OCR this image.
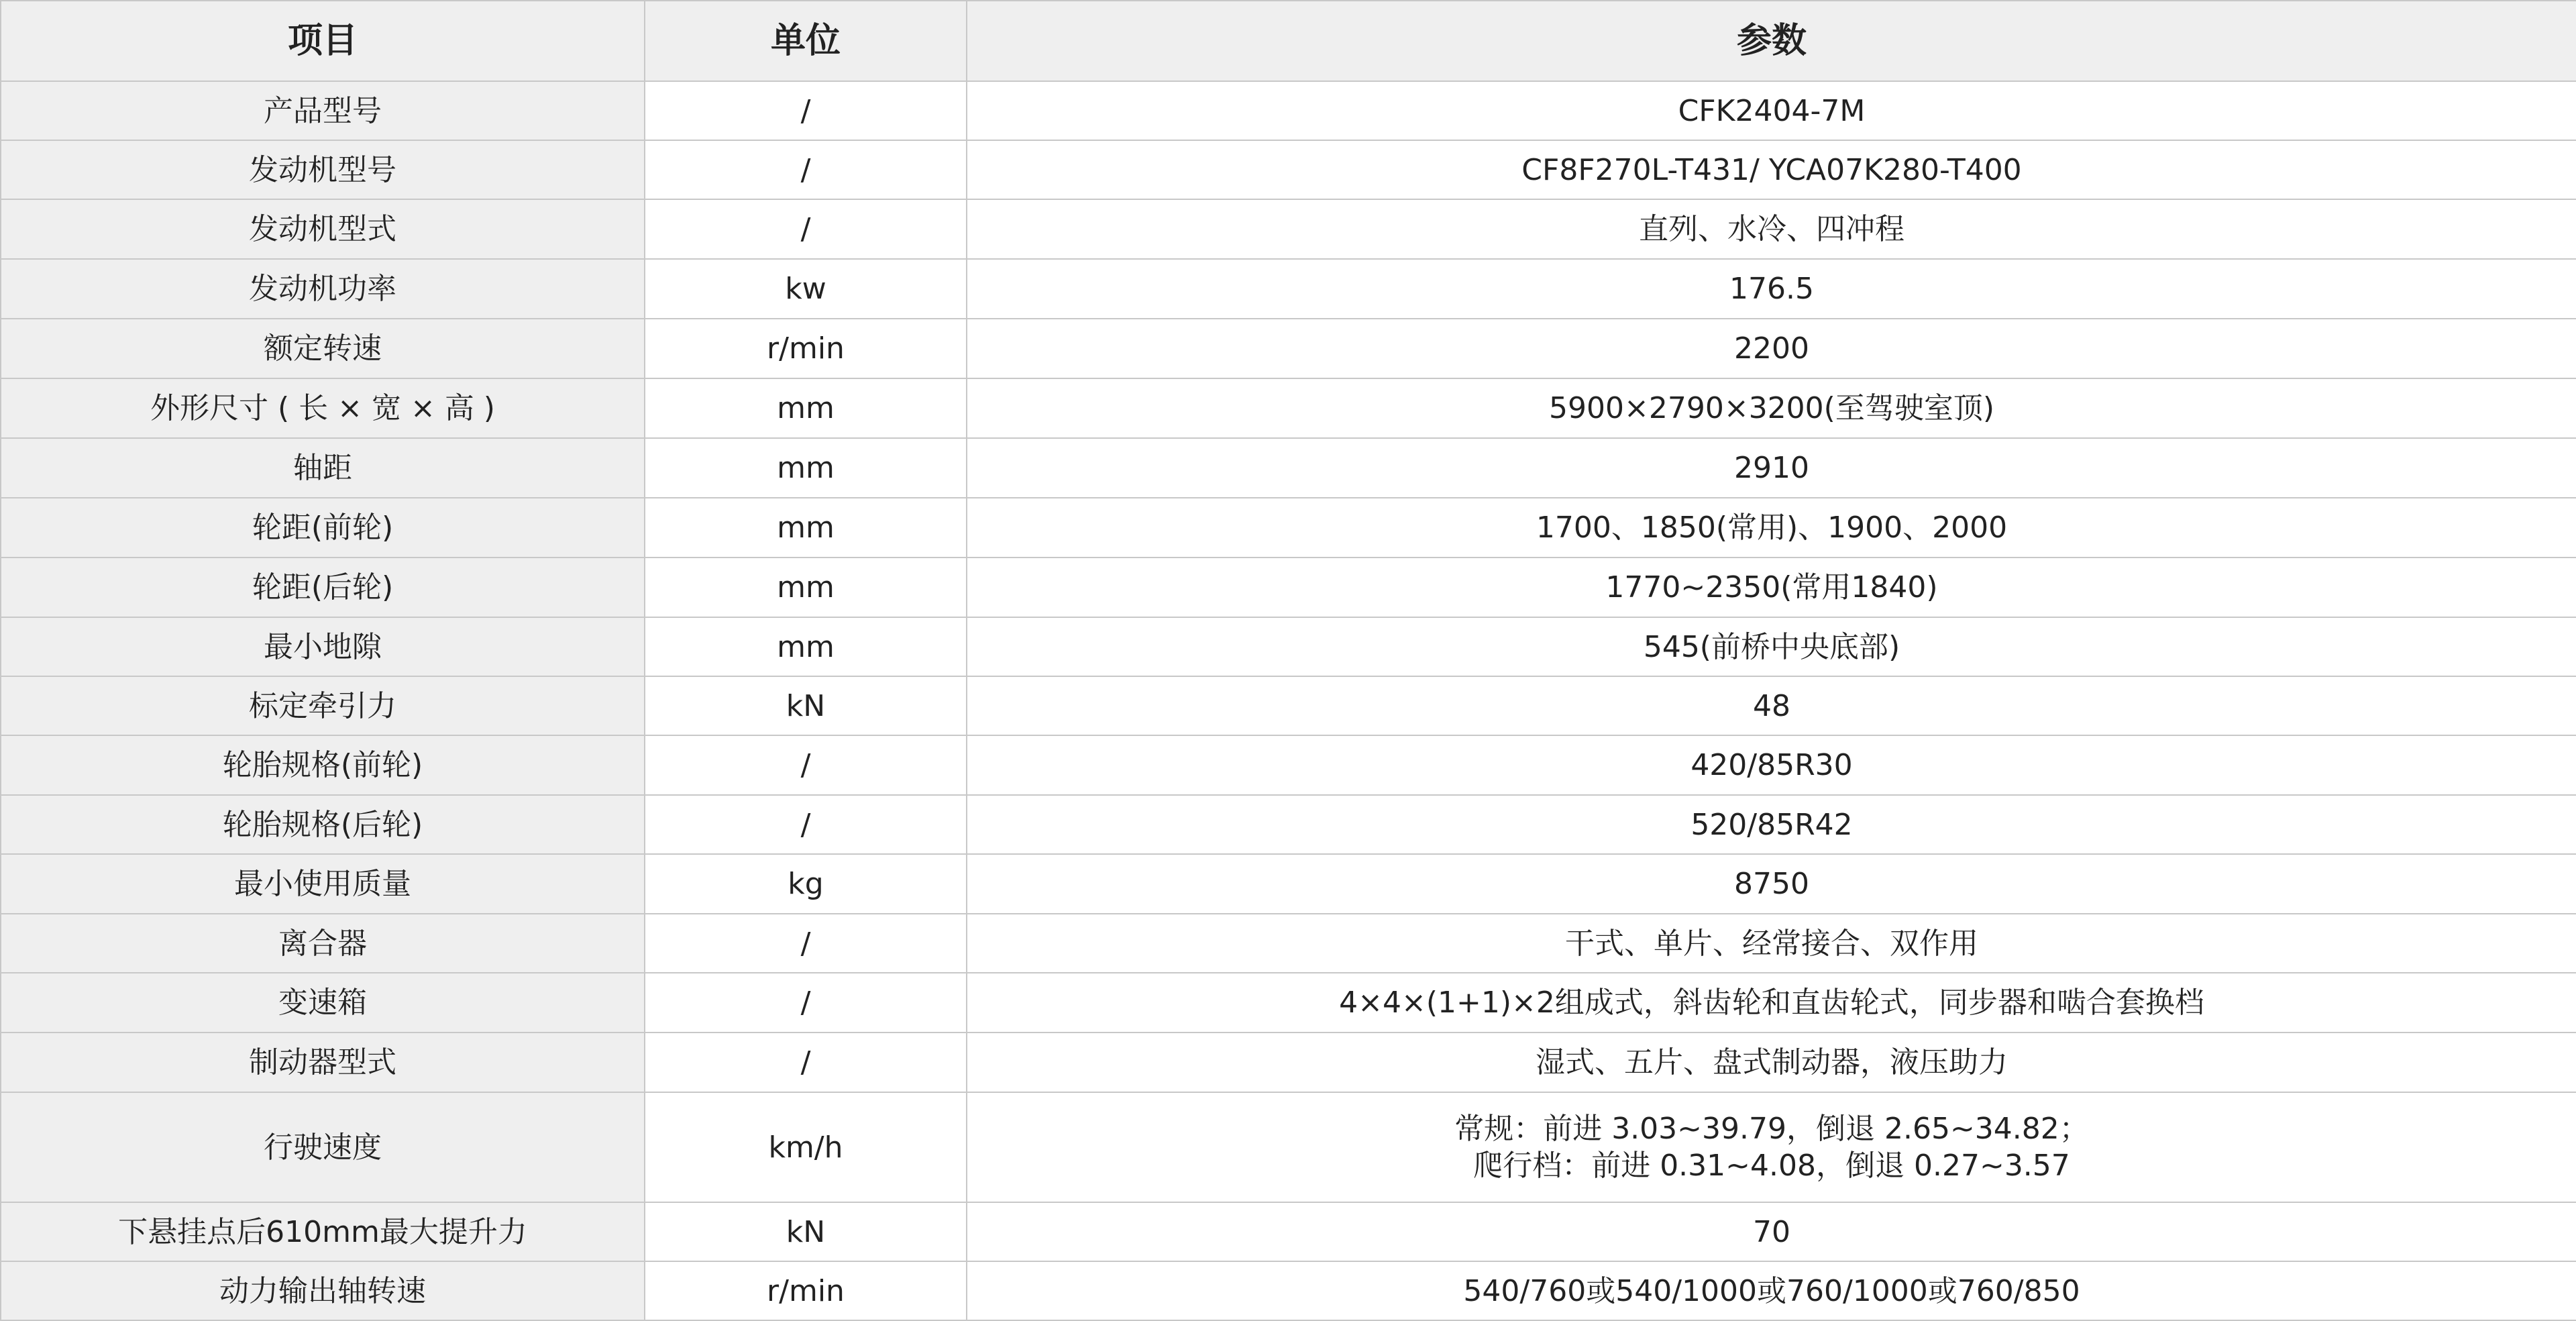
项目	单位	参数
产品型号	/	CFK2404-7M

发动机型号	/	CF8F270L-T431/ YCA07K280-T400

发动机型式	/	直列、水冷、四冲程

发动机功率	kw	176.5

额定转速	r/min	2200

外形尺寸 ( 长 × 宽 × 高 )	mm	5900×2790×3200(至驾驶室顶)

轴距	mm	2910

轮距(前轮)	mm	1700、1850(常用)、1900、2000

轮距(后轮)	mm	1770~2350(常用1840)

最小地隙	mm	545(前桥中央底部)

标定牵引力	kN	48

轮胎规格(前轮)	/	420/85R30

轮胎规格(后轮)	/	520/85R42

最小使用质量	kg	8750

离合器	/	干式、单片、经常接合、双作用

变速箱	/	4×4×(1+1)×2组成式，斜齿轮和直齿轮式，同步器和啮合套换档

制动器型式	/	湿式、五片、盘式制动器，液压助力

行驶速度	km/h	常规：前进 3.03~39.79，倒退 2.65~34.82；
爬行档：前进 0.31~4.08，倒退 0.27~3.57

下悬挂点后610mm最大提升力	kN	70

动力输出轴转速	r/min	540/760或540/1000或760/1000或760/850
